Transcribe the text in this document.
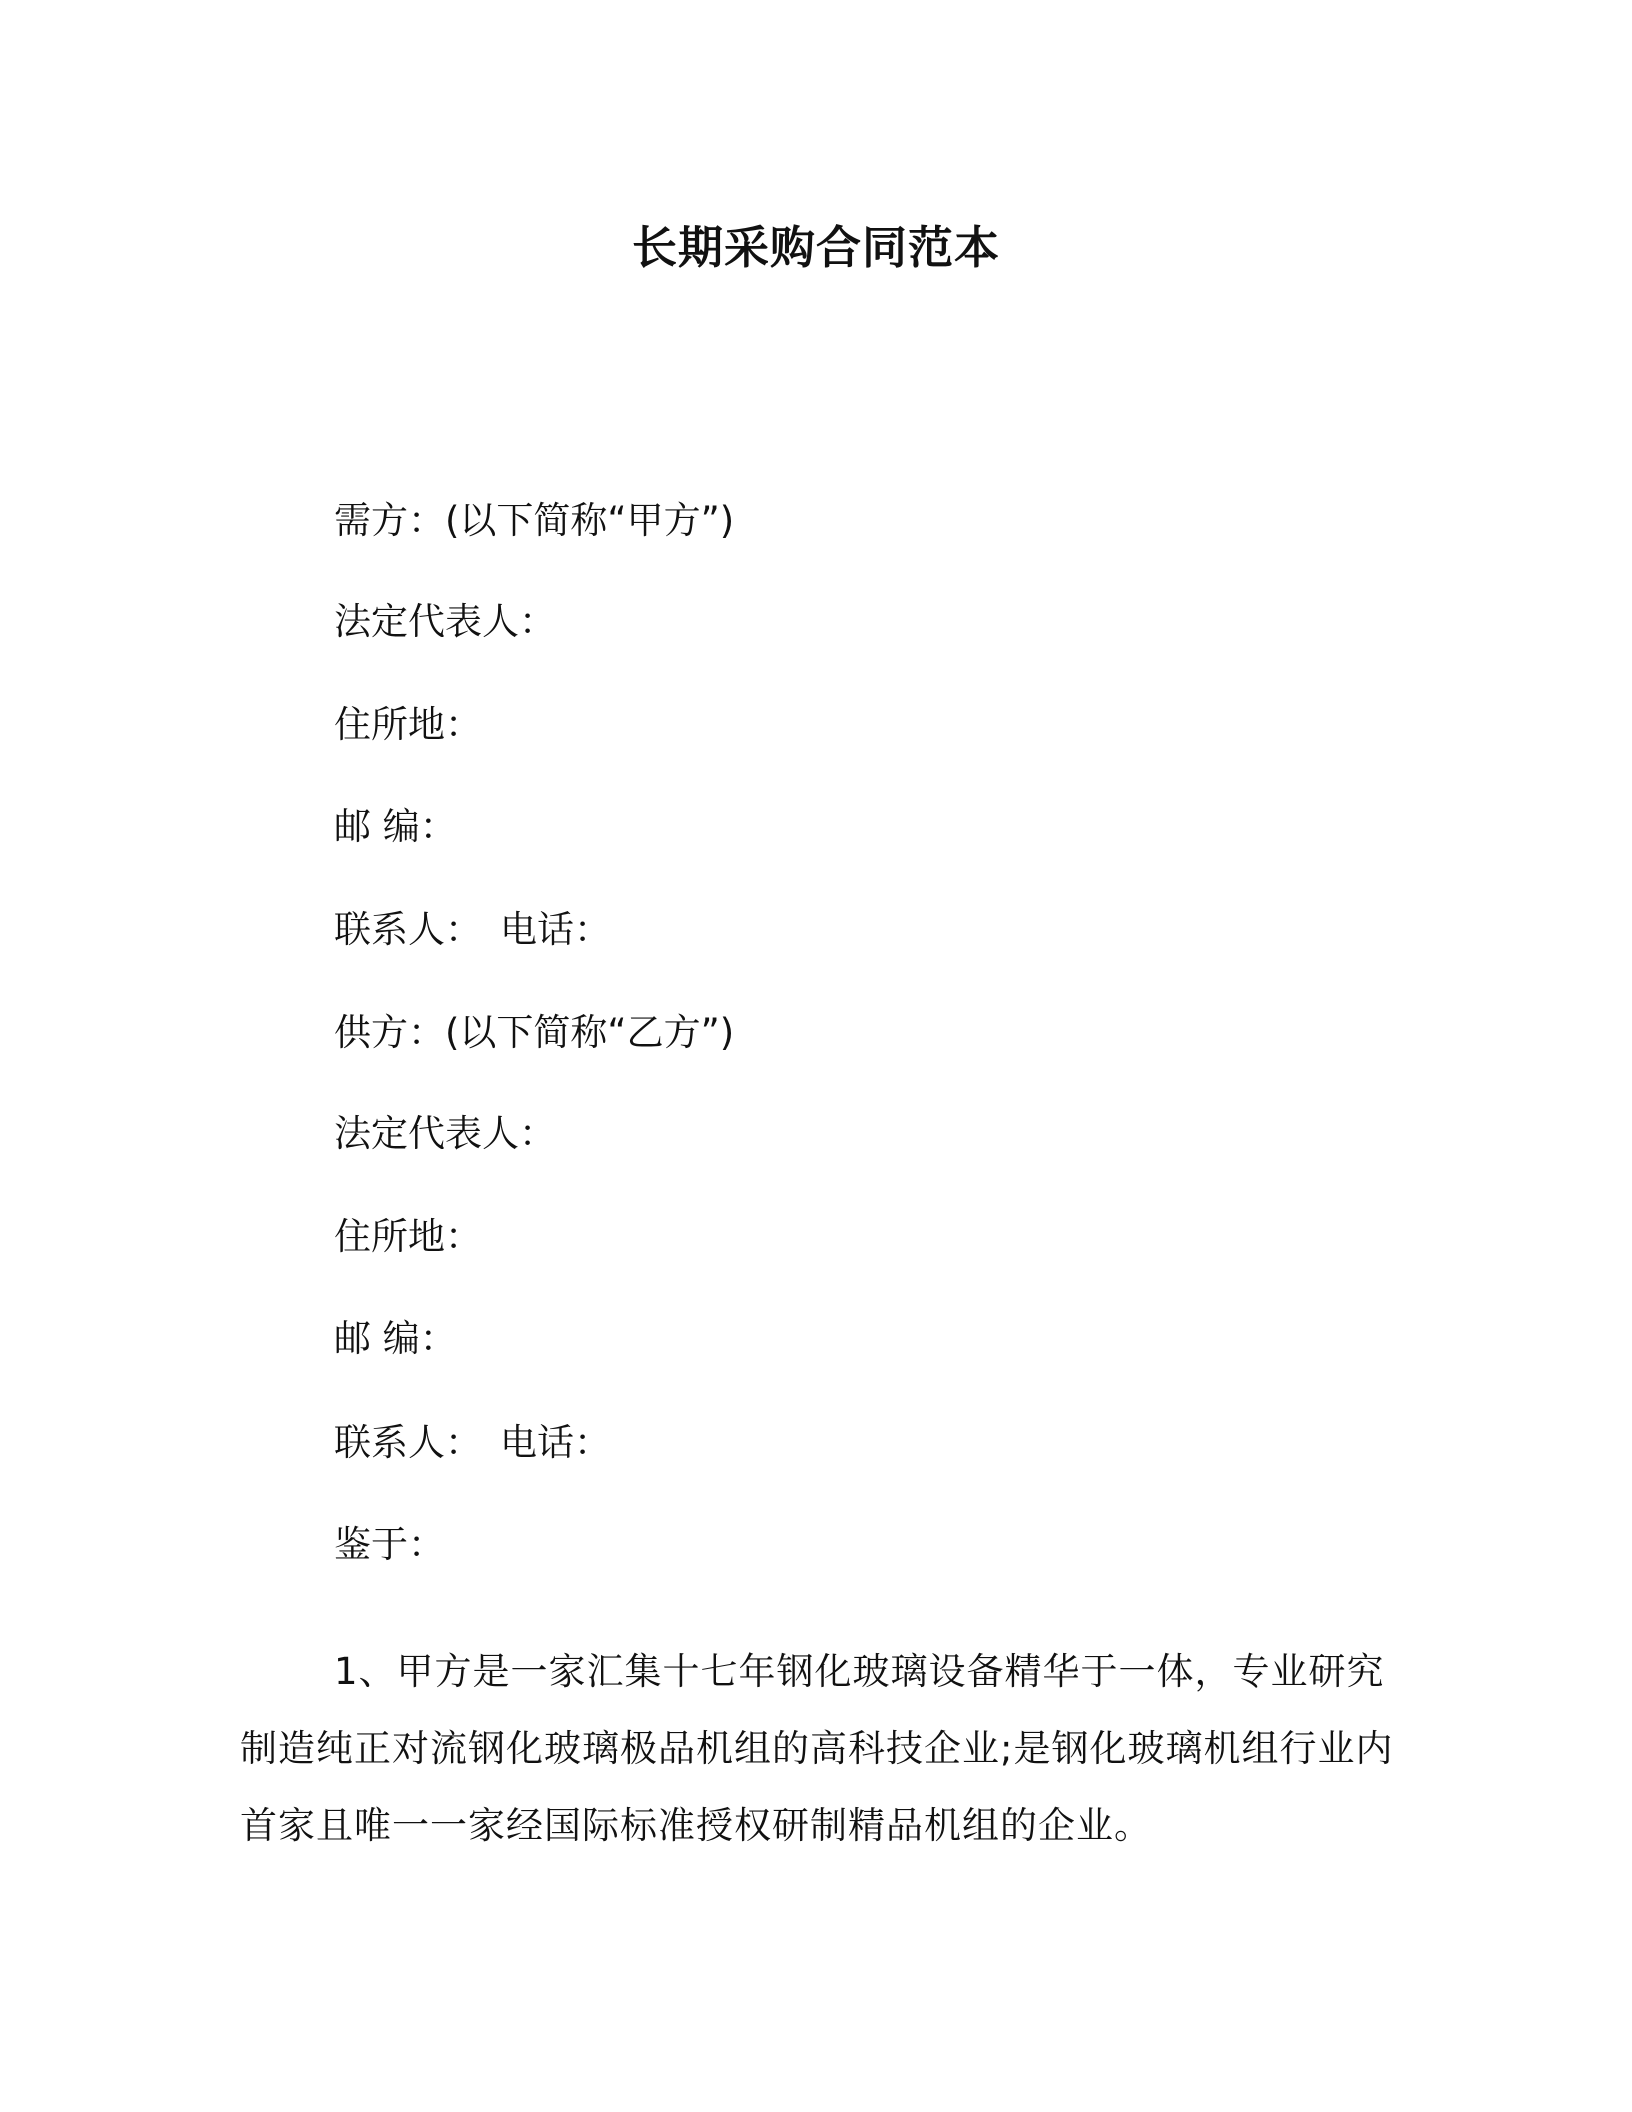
长期采购合同范本
需方：(以下简称“甲方”)
法定代表人：
住所地：
邮 编：
联系人： 电话：
供方：(以下简称“乙方”)
法定代表人：
住所地：
邮 编：
联系人： 电话：
鉴于：
1、甲方是一家汇集十七年钢化玻璃设备精华于一体，专业研究
制造纯正对流钢化玻璃极品机组的高科技企业;是钢化玻璃机组行业内
首家且唯一一家经国际标准授权研制精品机组的企业。
